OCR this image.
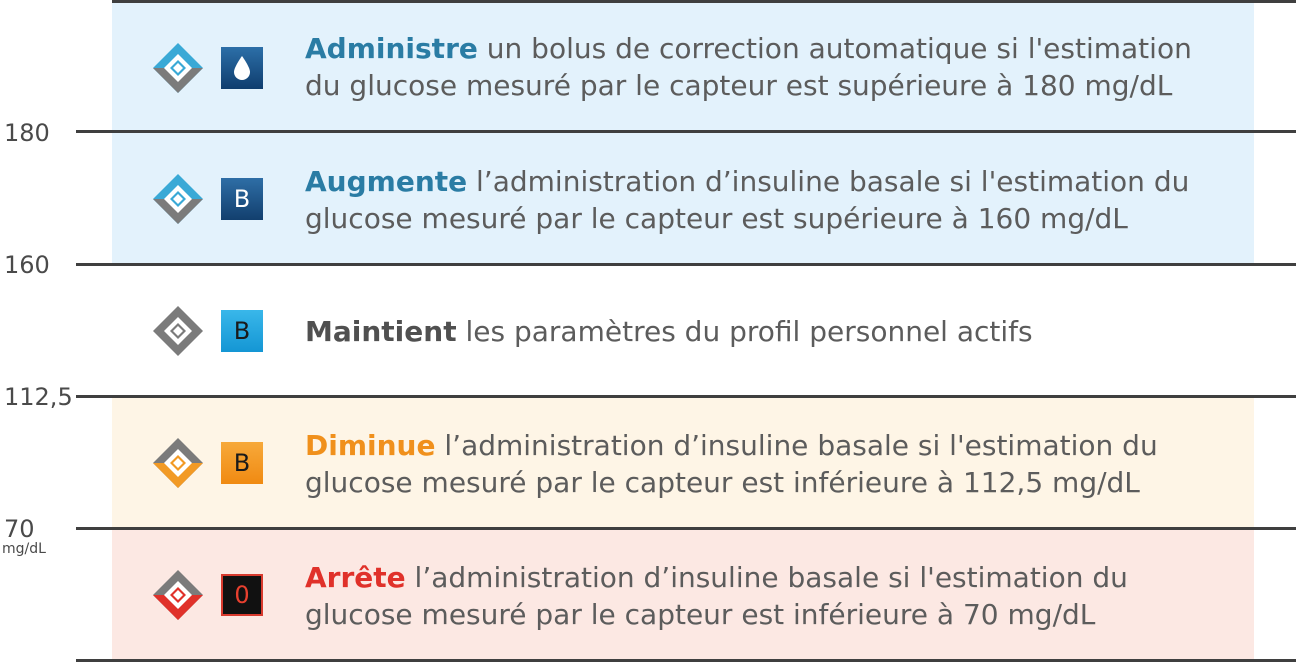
180
160
112,5
70
mg/dL
Administre un bolus de correction automatique si l'estimation du glucose mesuré par le capteur est supérieure à 180 mg/dL
B
Augmente l’administration d’insuline basale si l'estimation du glucose mesuré par le capteur est supérieure à 160 mg/dL
B	Maintient les paramètres du profil personnel actifs
B
Diminue l’administration d’insuline basale si l'estimation du glucose mesuré par le capteur est inférieure à 112,5 mg/dL
0
Arrête l’administration d’insuline basale si l'estimation du glucose mesuré par le capteur est inférieure à 70 mg/dL
